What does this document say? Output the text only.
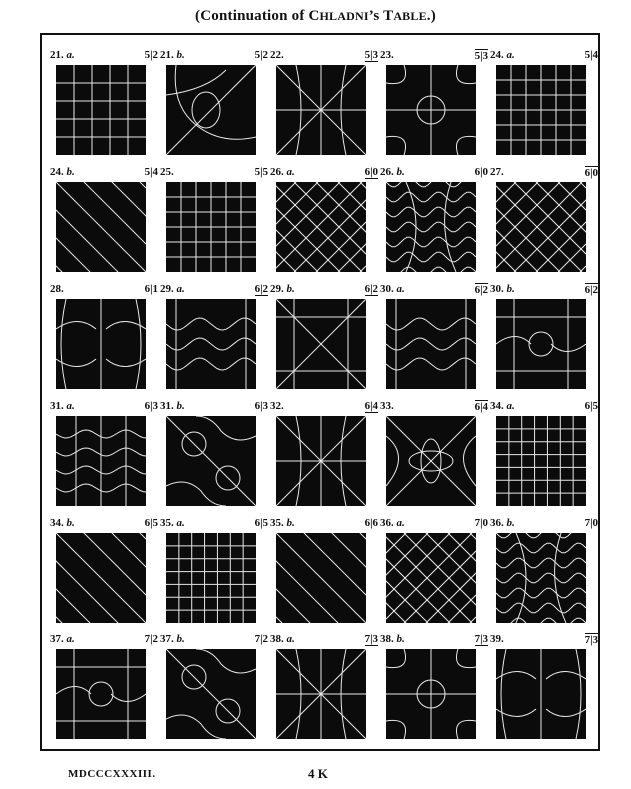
(Continuation of CHLADNI’s TABLE.)
21. a.	5|2 21. b.	5|2 22.	5|3 23.	5|3 24. a.	5|4
24. b.	5|4 25.	5|5 26. a.	6|0 26. b.	6|0 27.	6|0
28.	6|1 29. a.	6|2 29. b.	6|2 30. a.	6|2 30. b.	6|2
31. a.	6|3 31. b.	6|3 32.	6|4 33.	6|4 34. a.	6|5
34. b.	6|5 35. a.	6|5 35. b.	6|6 36. a.	7|0 36. b.	7|0
37. a.	7|2 37. b.	7|2 38. a.	7|3 38. b.	7|3 39.	7|3
MDCCCXXXIII.	4 K
